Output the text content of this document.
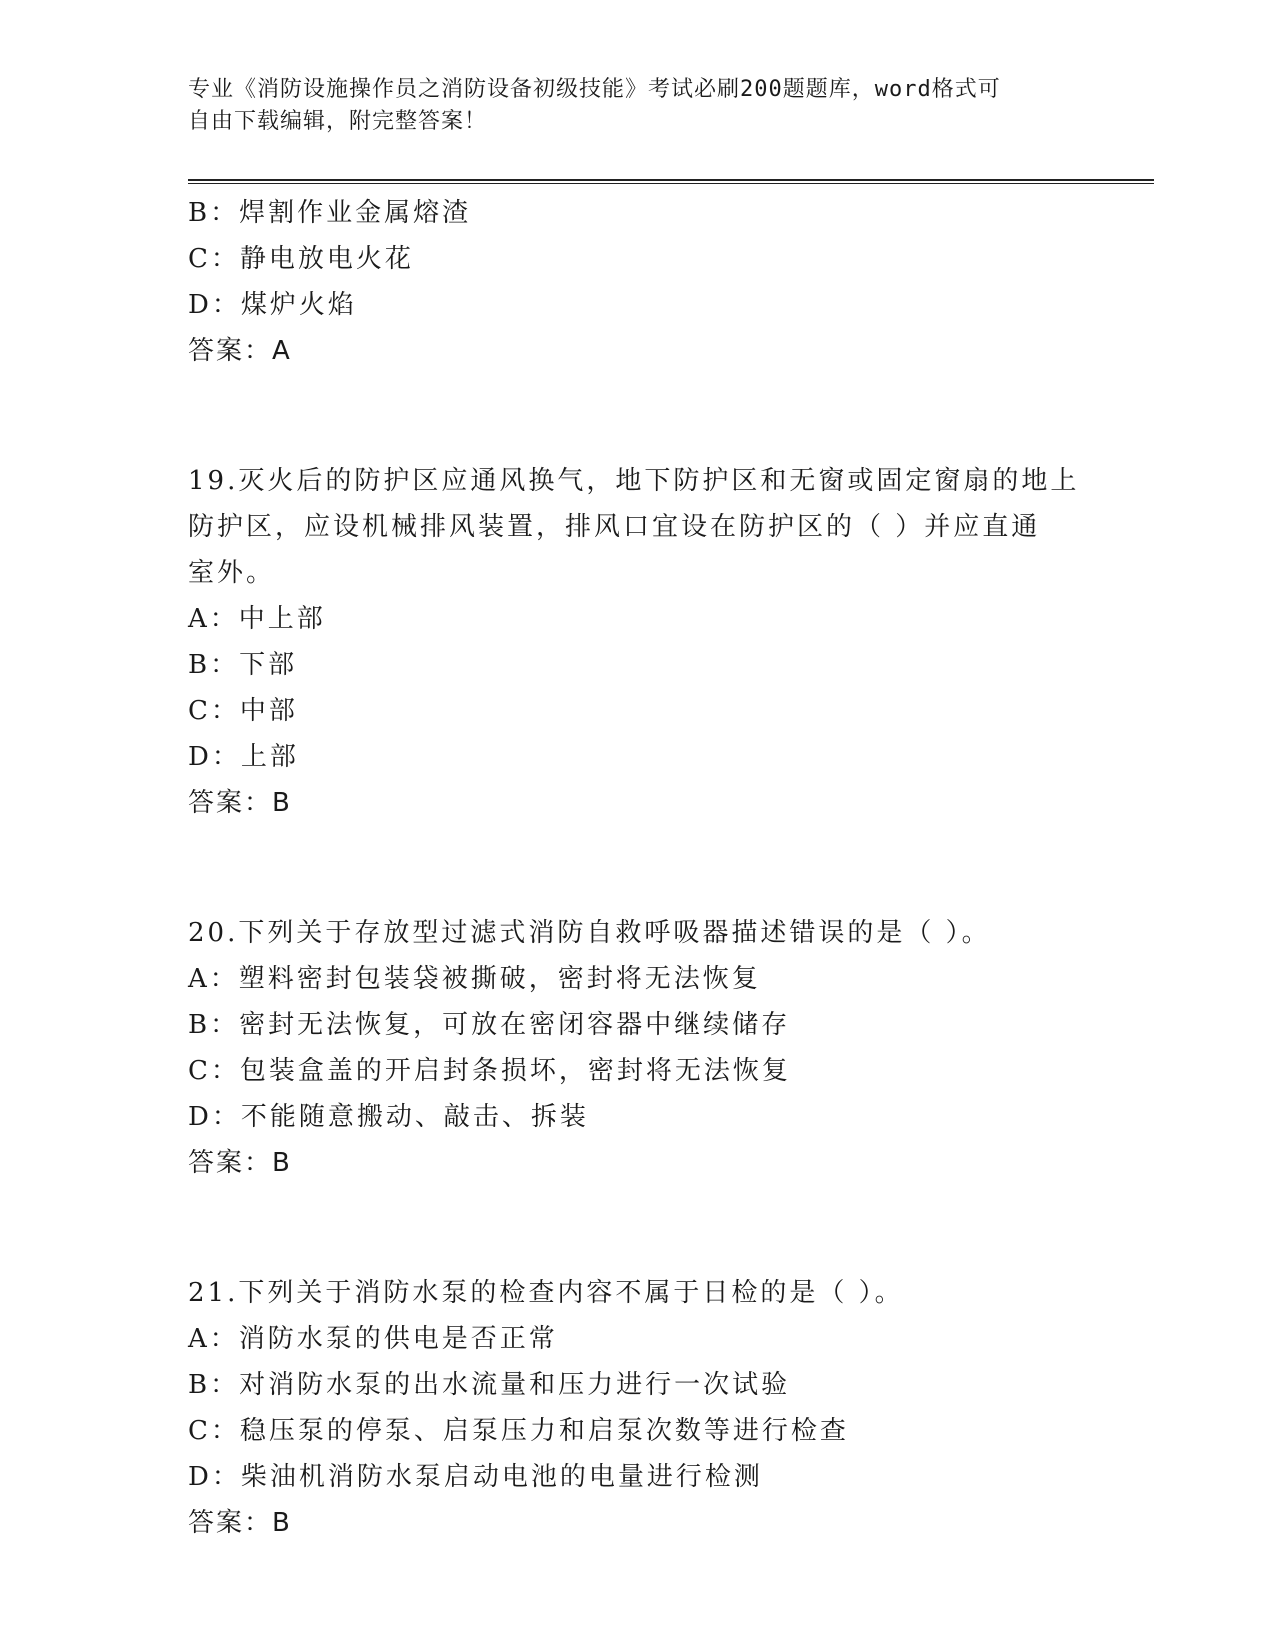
专业《消防设施操作员之消防设备初级技能》考试必刷200题题库，word格式可
自由下载编辑，附完整答案！
B：焊割作业金属熔渣
C：静电放电火花
D：煤炉火焰
答案：A
19.灭火后的防护区应通风换气，地下防护区和无窗或固定窗扇的地上
防护区，应设机械排风装置，排风口宜设在防护区的（ ）并应直通
室外。
A：中上部
B：下部
C：中部
D：上部
答案：B
20.下列关于存放型过滤式消防自救呼吸器描述错误的是（ ）。
A：塑料密封包装袋被撕破，密封将无法恢复
B：密封无法恢复，可放在密闭容器中继续储存
C：包装盒盖的开启封条损坏，密封将无法恢复
D：不能随意搬动、敲击、拆装
答案：B
21.下列关于消防水泵的检查内容不属于日检的是（ ）。
A：消防水泵的供电是否正常
B：对消防水泵的出水流量和压力进行一次试验
C：稳压泵的停泵、启泵压力和启泵次数等进行检查
D：柴油机消防水泵启动电池的电量进行检测
答案：B
